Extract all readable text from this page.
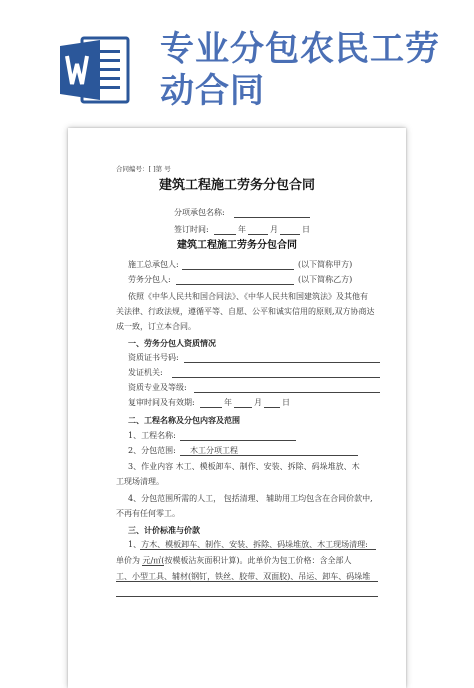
专业分包农民工劳动合同
合同编号：[ ]第 号
建筑工程施工劳务分包合同
分项承包名称:
签订时间:	年	月	日
建筑工程施工劳务分包合同
施工总承包人:	(以下简称甲方)
劳务分包人:	(以下简称乙方)
依照《中华人民共和国合同法》、《中华人民共和国建筑法》及其他有
关法律、行政法规，遵循平等、自愿、公平和诚实信用的原则,双方协商达
成一致，订立本合同。
一、劳务分包人资质情况
资质证书号码:
发证机关:
资质专业及等级:
复审时间及有效期:	年	月	日
二、工程名称及分包内容及范围
1、工程名称:
2、分包范围: 木工分项工程
3、作业内容 木工、模板卸车、制作、安装、拆除、码垛堆放、木
工现场清理。
4、分包范围所需的人工， 包括清理、 辅助用工均包含在合同价款中,
不再有任何零工。
三、计价标准与价款
1、方木、模板卸车、制作、安装、拆除、码垛堆放、木工现场清理:
单价为 元/㎡(按模板沾灰面积计算)。此单价为包工价格：含全部人
工、小型工具、辅材(钢钉，铁丝、胶带、双面胶)、吊运、卸车、码垛堆
